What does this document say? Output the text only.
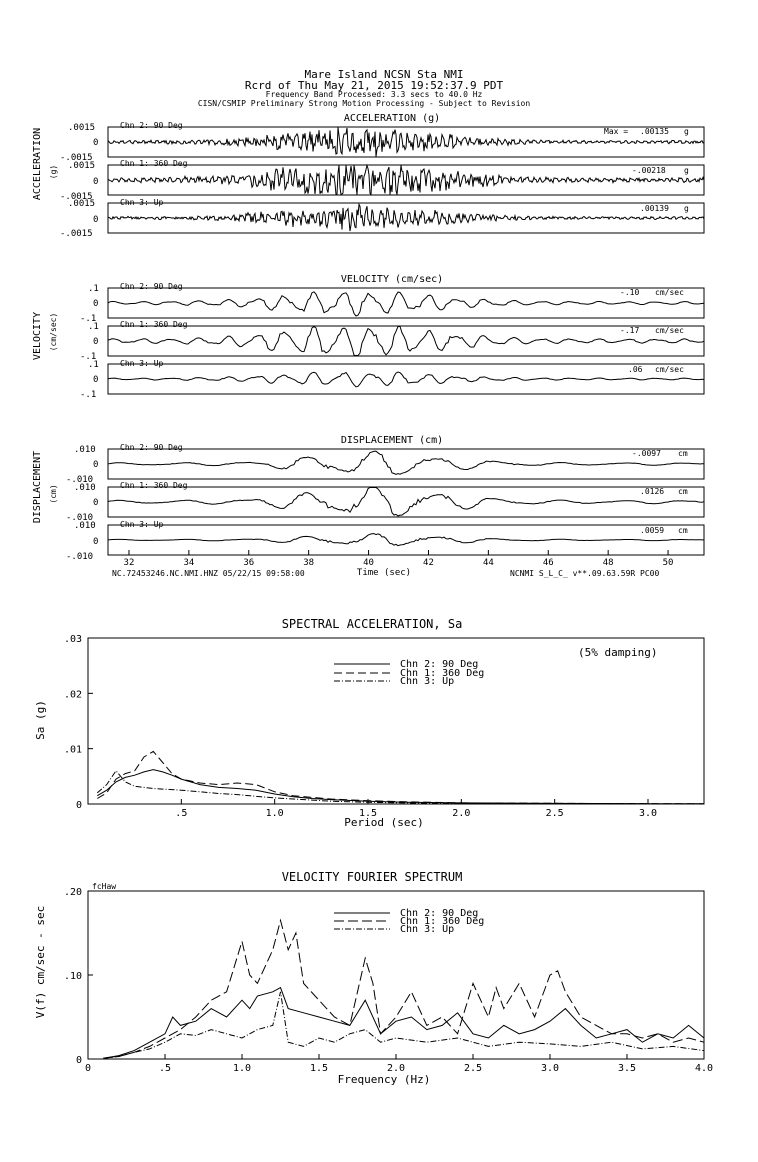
Mare Island NCSN Sta NMI
Rcrd of Thu May 21, 2015 19:52:37.9 PDT
Frequency Band Processed: 3.3 secs to 40.0 Hz
CISN/CSMIP Preliminary Strong Motion Processing - Subject to Revision
ACCELERATION (g)
ACCELERATION (g)
.0015
0
-.0015
Chn 2: 90 Deg
Max = .00135 g
.0015
0
-.0015
Chn 1: 360 Deg
-.00218 g
.0015
0
-.0015
Chn 3: Up
.00139 g
VELOCITY (cm/sec)
VELOCITY (cm/sec)
.1
0
-.1
Chn 2: 90 Deg
-.10 cm/sec
.1
0
-.1
Chn 1: 360 Deg
-.17 cm/sec
.1
0
-.1
Chn 3: Up
.06 cm/sec
DISPLACEMENT (cm)
DISPLACEMENT (cm)
.010
0
-.010
Chn 2: 90 Deg
-.0097 cm
.010
0
-.010
Chn 1: 360 Deg
.0126 cm
.010
0
-.010
Chn 3: Up
.0059 cm
32	34	36	38	40	42	44	46	48	50
Time (sec)
NC.72453246.NC.NMI.HNZ 05/22/15 09:58:00	NCNMI S_L_C_ v**.09.63.59R PC00
SPECTRAL ACCELERATION, Sa
Sa (g)
Period (sec)
(5% damping)
.5	1.0	1.5	2.0	2.5	3.0
0
.01
.02
.03
Chn 2: 90 Deg
Chn 1: 360 Deg
Chn 3: Up
VELOCITY FOURIER SPECTRUM
fcHaw
V(f) cm/sec - sec
Frequency (Hz)
0	.5	1.0	1.5	2.0	2.5	3.0	3.5	4.0
0
.10
.20
Chn 2: 90 Deg
Chn 1: 360 Deg
Chn 3: Up
